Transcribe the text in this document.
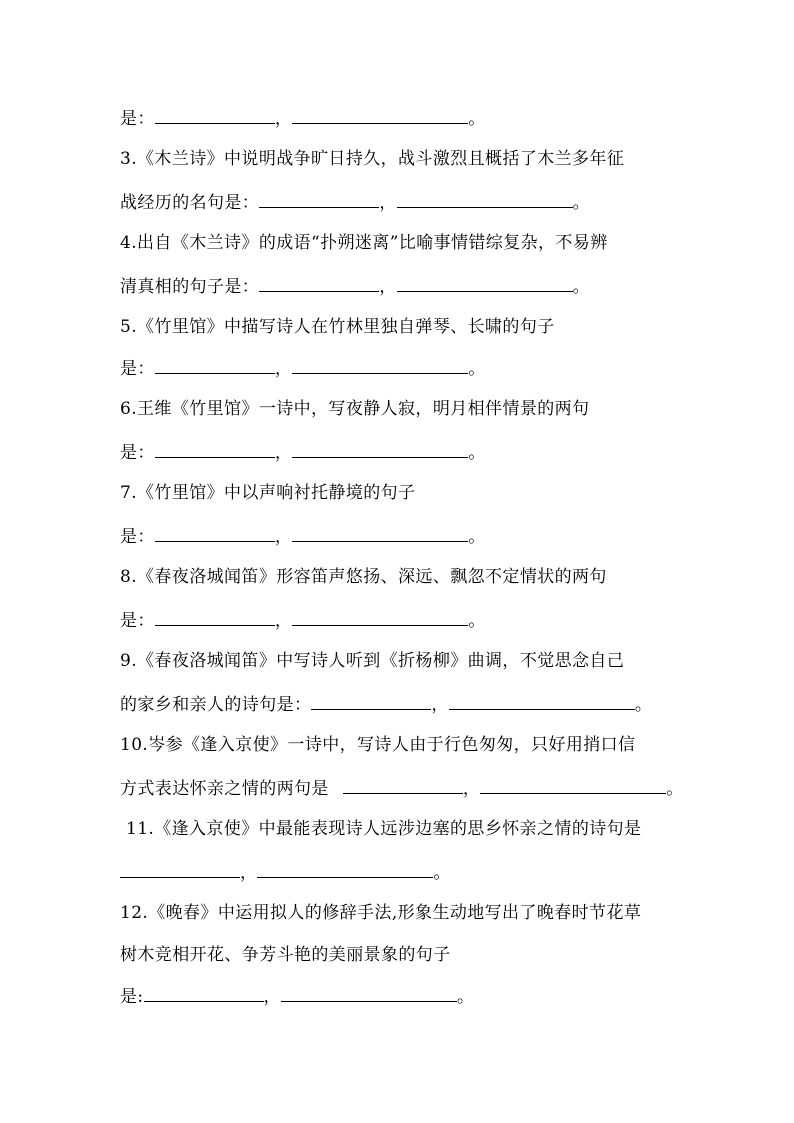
是：	，	。
3.《木兰诗》中说明战争旷日持久，战斗激烈且概括了木兰多年征
战经历的名句是：	，	。
4.出自《木兰诗》的成语“扑朔迷离”比喻事情错综复杂，不易辨
清真相的句子是：	，	。
5.《竹里馆》中描写诗人在竹林里独自弹琴、长啸的句子
是：	，	。
6.王维《竹里馆》一诗中，写夜静人寂，明月相伴情景的两句
是：	，	。
7.《竹里馆》中以声响衬托静境的句子
是：	，	。
8.《春夜洛城闻笛》形容笛声悠扬、深远、飘忽不定情状的两句
是：	，	。
9.《春夜洛城闻笛》中写诗人听到《折杨柳》曲调，不觉思念自己
的家乡和亲人的诗句是：	，	。
10.岑参《逢入京使》一诗中，写诗人由于行色匆匆，只好用捎口信
方式表达怀亲之情的两句是	，	。
11.《逢入京使》中最能表现诗人远涉边塞的思乡怀亲之情的诗句是
，	。
12.《晚春》中运用拟人的修辞手法,形象生动地写出了晚春时节花草
树木竞相开花、争芳斗艳的美丽景象的句子
是:	，	。
